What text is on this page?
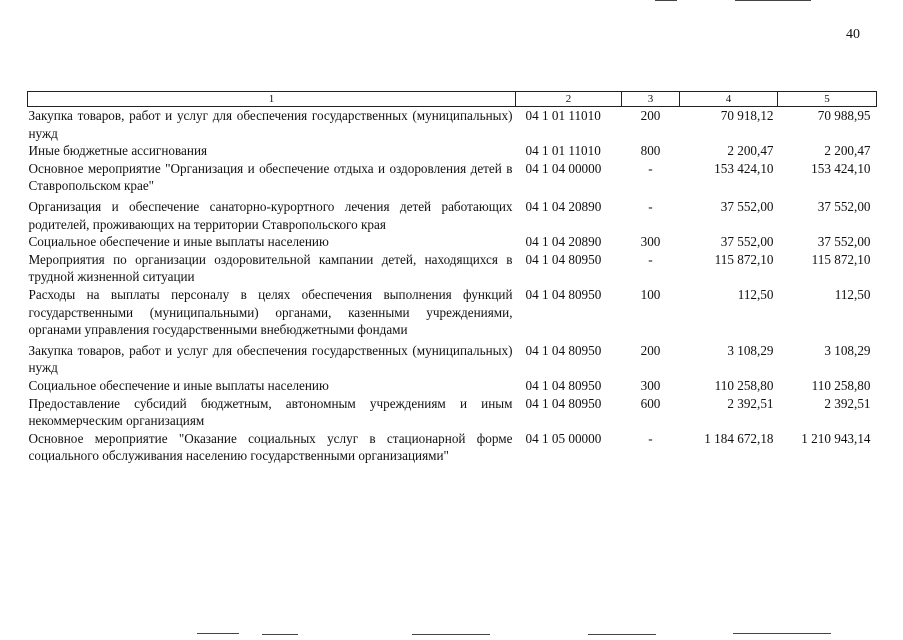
40
1	2	3	4	5
Закупка товаров, работ и услуг для обеспечения государственных (муниципальных) нужд	04 1 01 11010	200	70 918,12	70 988,95
Иные бюджетные ассигнования	04 1 01 11010	800	2 200,47	2 200,47
Основное мероприятие "Организация и обеспечение отдыха и оздоровления детей в Ставропольском крае"	04 1 04 00000	-	153 424,10	153 424,10
Организация и обеспечение санаторно-курортного лечения детей работающих родителей, проживающих на территории Ставропольского края	04 1 04 20890	-	37 552,00	37 552,00
Социальное обеспечение и иные выплаты населению	04 1 04 20890	300	37 552,00	37 552,00
Мероприятия по организации оздоровительной кампании детей, находящихся в трудной жизненной ситуации	04 1 04 80950	-	115 872,10	115 872,10
Расходы на выплаты персоналу в целях обеспечения выполнения функций государственными (муниципальными) органами, казенными учреждениями, органами управления государственными внебюджетными фондами	04 1 04 80950	100	112,50	112,50
Закупка товаров, работ и услуг для обеспечения государственных (муниципальных) нужд	04 1 04 80950	200	3 108,29	3 108,29
Социальное обеспечение и иные выплаты населению	04 1 04 80950	300	110 258,80	110 258,80
Предоставление субсидий бюджетным, автономным учреждениям и иным некоммерческим организациям	04 1 04 80950	600	2 392,51	2 392,51
Основное мероприятие "Оказание социальных услуг в стационарной форме социального обслуживания населению государственными организациями"	04 1 05 00000	-	1 184 672,18	1 210 943,14
